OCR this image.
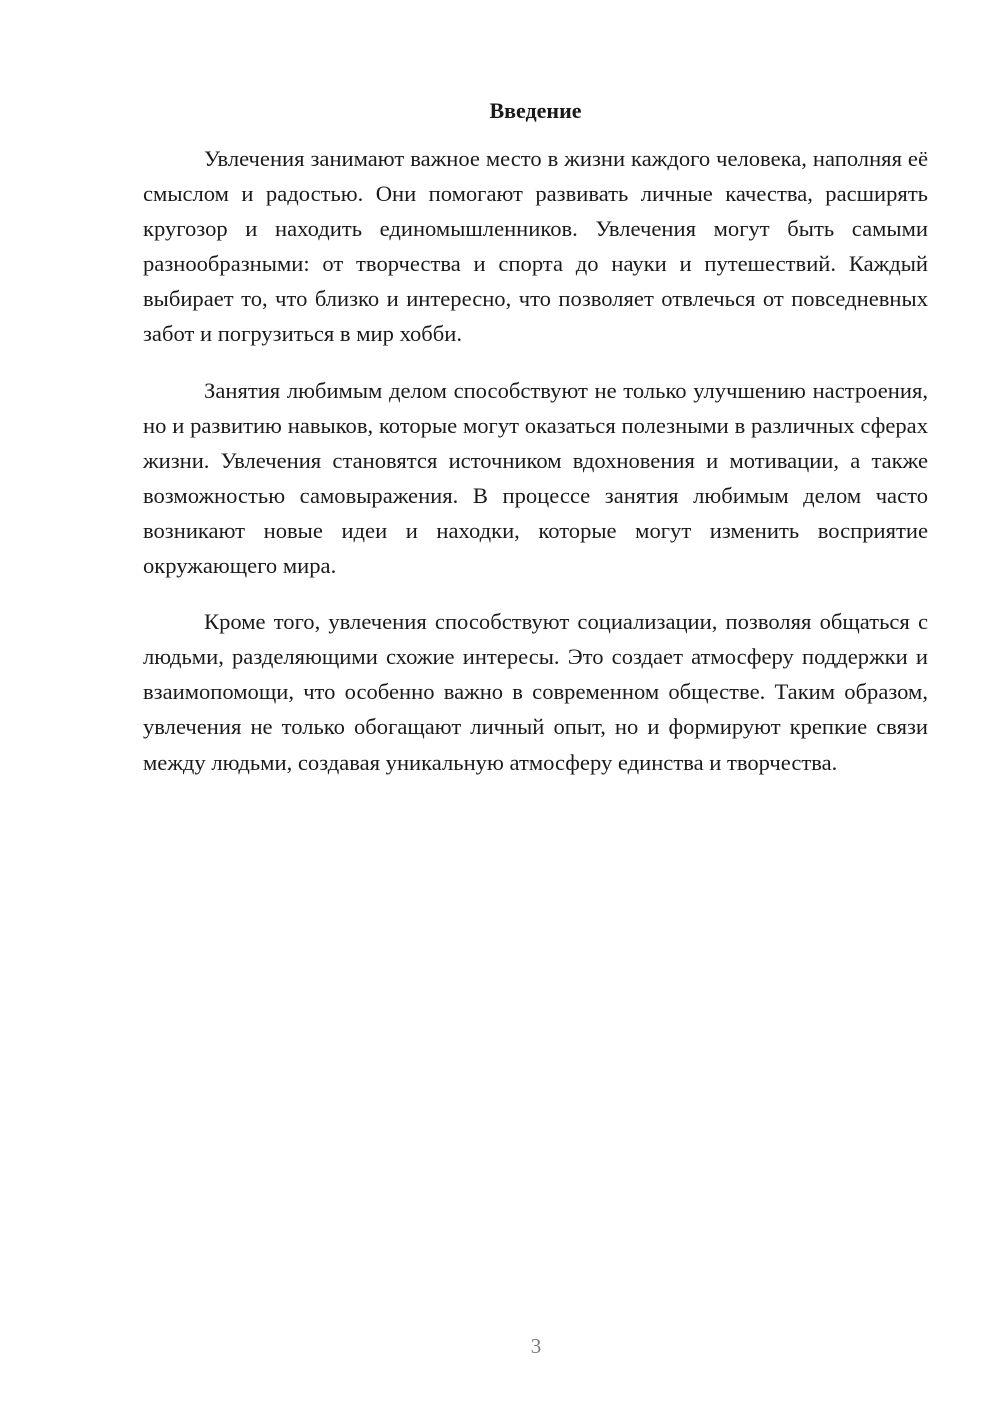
Введение

Увлечения занимают важное место в жизни каждого человека, наполняя её смыслом и радостью. Они помогают развивать личные качества, расширять кругозор и находить единомышленников. Увлечения могут быть самыми разнообразными: от творчества и спорта до науки и путешествий. Каждый выбирает то, что близко и интересно, что позволяет отвлечься от повседневных забот и погрузиться в мир хобби.

Занятия любимым делом способствуют не только улучшению настроения, но и развитию навыков, которые могут оказаться полезными в различных сферах жизни. Увлечения становятся источником вдохновения и мотивации, а также возможностью самовыражения. В процессе занятия любимым делом часто возникают новые идеи и находки, которые могут изменить восприятие окружающего мира.

Кроме того, увлечения способствуют социализации, позволяя общаться с людьми, разделяющими схожие интересы. Это создает атмосферу поддержки и взаимопомощи, что особенно важно в современном обществе. Таким образом, увлечения не только обогащают личный опыт, но и формируют крепкие связи между людьми, создавая уникальную атмосферу единства и творчества.

3
